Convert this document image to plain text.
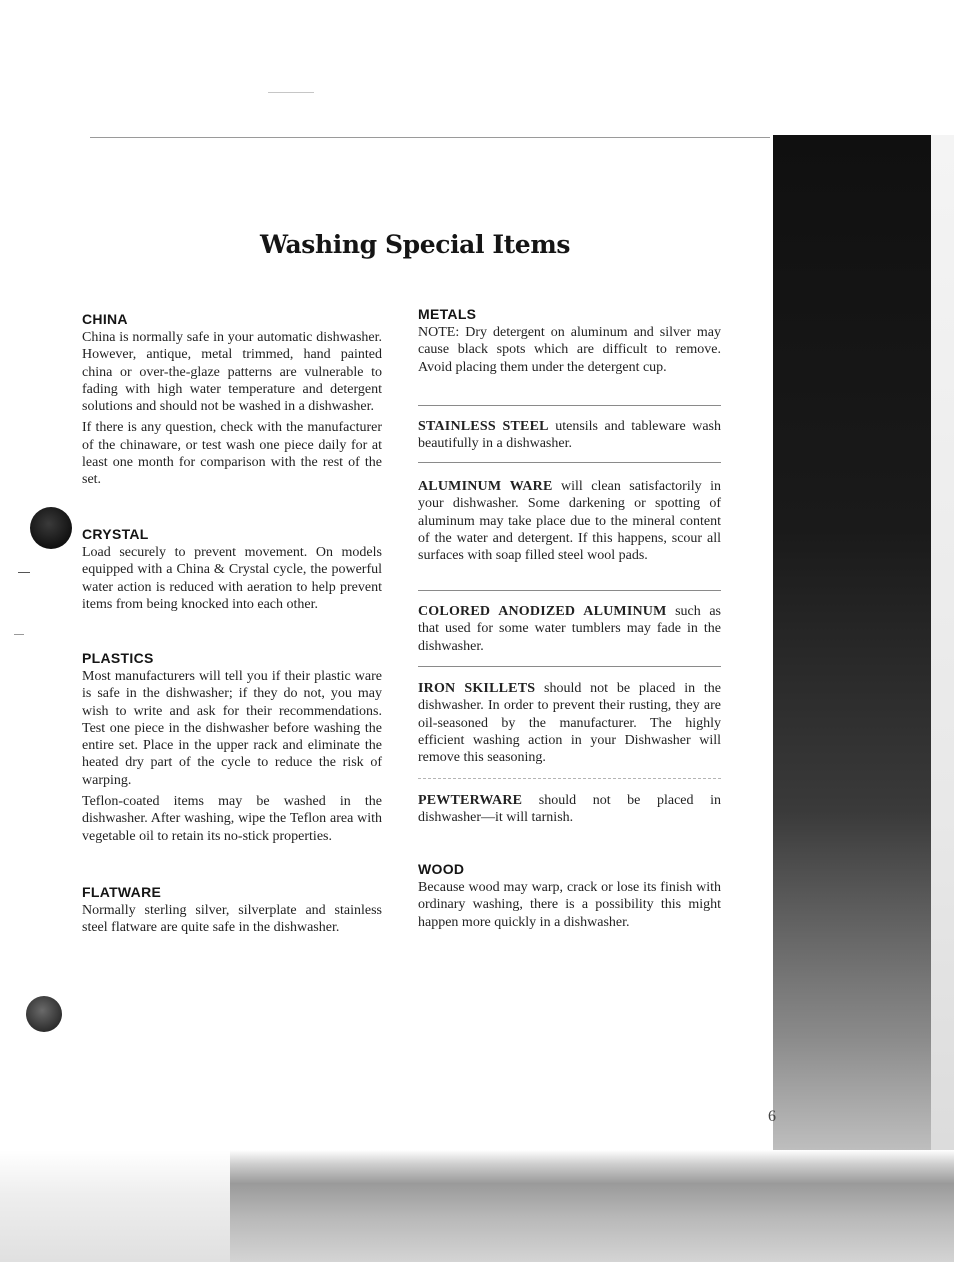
Washing Special Items
CHINA

China is normally safe in your automatic dishwasher. However, antique, metal trimmed, hand painted china or over-the-glaze patterns are vulnerable to fading with high water temperature and detergent solutions and should not be washed in a dishwasher.

If there is any question, check with the manufacturer of the chinaware, or test wash one piece daily for at least one month for comparison with the rest of the set.

CRYSTAL

Load securely to prevent movement. On models equipped with a China & Crystal cycle, the powerful water action is reduced with aeration to help prevent items from being knocked into each other.

PLASTICS

Most manufacturers will tell you if their plastic ware is safe in the dishwasher; if they do not, you may wish to write and ask for their recommendations. Test one piece in the dishwasher before washing the entire set. Place in the upper rack and eliminate the heated dry part of the cycle to reduce the risk of warping.

Teflon-coated items may be washed in the dishwasher. After washing, wipe the Teflon area with vegetable oil to retain its no-stick properties.

FLATWARE

Normally sterling silver, silverplate and stainless steel flatware are quite safe in the dishwasher.

METALS

NOTE: Dry detergent on aluminum and silver may cause black spots which are difficult to remove. Avoid placing them under the detergent cup.

STAINLESS STEEL utensils and tableware wash beautifully in a dishwasher.

ALUMINUM WARE will clean satisfactorily in your dishwasher. Some darkening or spotting of aluminum may take place due to the mineral content of the water and detergent. If this happens, scour all surfaces with soap filled steel wool pads.

COLORED ANODIZED ALUMINUM such as that used for some water tumblers may fade in the dishwasher.

IRON SKILLETS should not be placed in the dishwasher. In order to prevent their rusting, they are oil-seasoned by the manufacturer. The highly efficient washing action in your Dishwasher will remove this seasoning.

PEWTERWARE should not be placed in dishwasher—it will tarnish.

WOOD

Because wood may warp, crack or lose its finish with ordinary washing, there is a possibility this might happen more quickly in a dishwasher.

6
